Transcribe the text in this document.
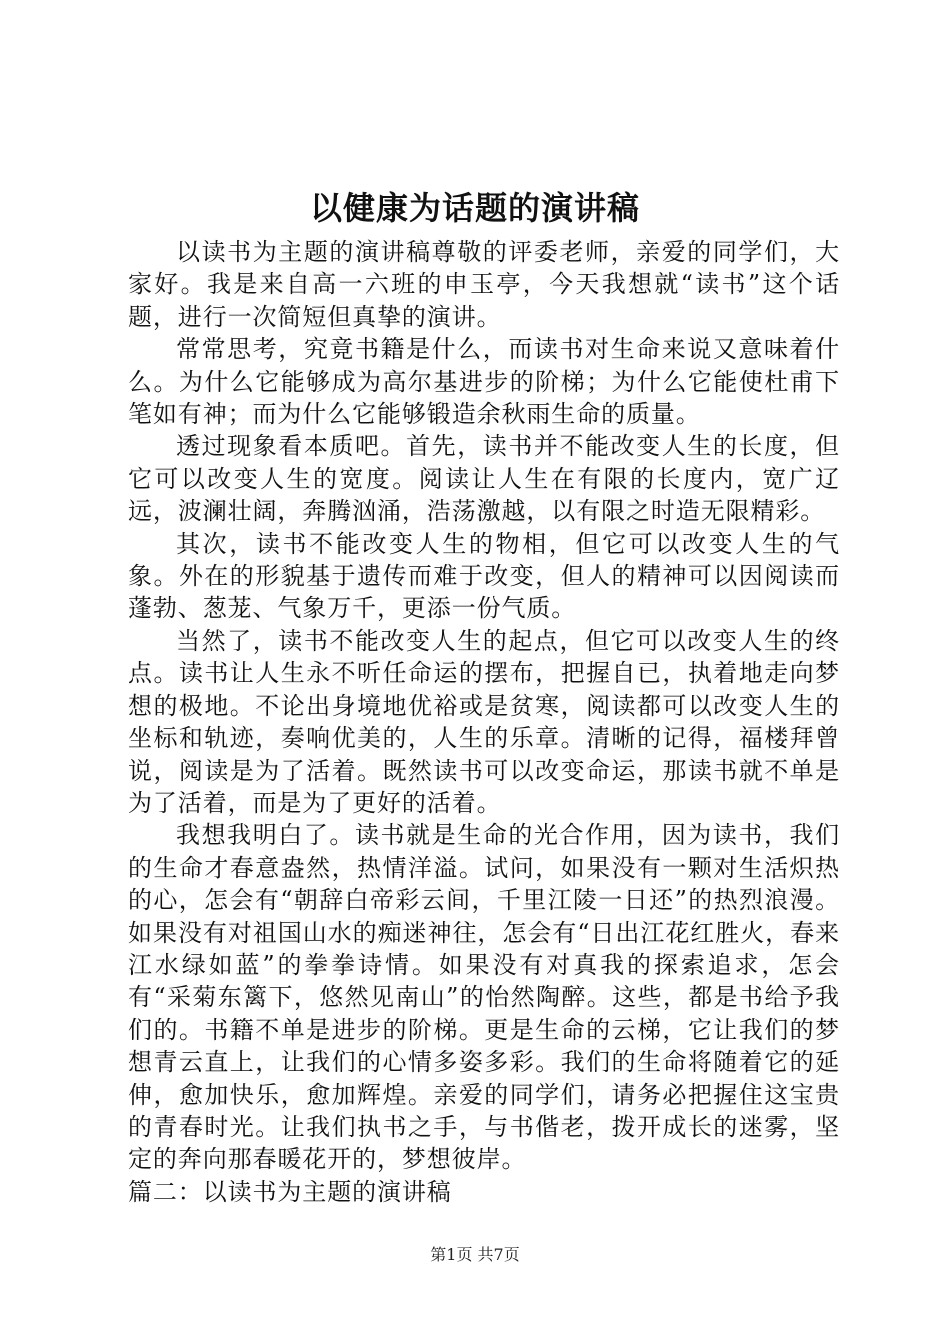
以健康为话题的演讲稿

以读书为主题的演讲稿尊敬的评委老师，亲爱的同学们，大家好。我是来自高一六班的申玉亭，今天我想就“读书”这个话题，进行一次简短但真挚的演讲。

常常思考，究竟书籍是什么，而读书对生命来说又意味着什么。为什么它能够成为高尔基进步的阶梯；为什么它能使杜甫下笔如有神；而为什么它能够锻造余秋雨生命的质量。

透过现象看本质吧。首先，读书并不能改变人生的长度，但它可以改变人生的宽度。阅读让人生在有限的长度内，宽广辽远，波澜壮阔，奔腾汹涌，浩荡激越，以有限之时造无限精彩。

其次，读书不能改变人生的物相，但它可以改变人生的气象。外在的形貌基于遗传而难于改变，但人的精神可以因阅读而蓬勃、葱茏、气象万千，更添一份气质。

当然了，读书不能改变人生的起点，但它可以改变人生的终点。读书让人生永不听任命运的摆布，把握自已，执着地走向梦想的极地。不论出身境地优裕或是贫寒，阅读都可以改变人生的坐标和轨迹，奏响优美的，人生的乐章。清晰的记得，福楼拜曾说，阅读是为了活着。既然读书可以改变命运，那读书就不单是为了活着，而是为了更好的活着。

我想我明白了。读书就是生命的光合作用，因为读书，我们的生命才春意盎然，热情洋溢。试问，如果没有一颗对生活炽热的心，怎会有“朝辞白帝彩云间，千里江陵一日还”的热烈浪漫。如果没有对祖国山水的痴迷神往，怎会有“日出江花红胜火，春来江水绿如蓝”的拳拳诗情。如果没有对真我的探索追求，怎会有“采菊东篱下，悠然见南山”的怡然陶醉。这些，都是书给予我们的。书籍不单是进步的阶梯。更是生命的云梯，它让我们的梦想青云直上，让我们的心情多姿多彩。我们的生命将随着它的延伸，愈加快乐，愈加辉煌。亲爱的同学们，请务必把握住这宝贵的青春时光。让我们执书之手，与书偕老，拨开成长的迷雾，坚定的奔向那春暖花开的，梦想彼岸。

篇二：以读书为主题的演讲稿

第1页 共7页
